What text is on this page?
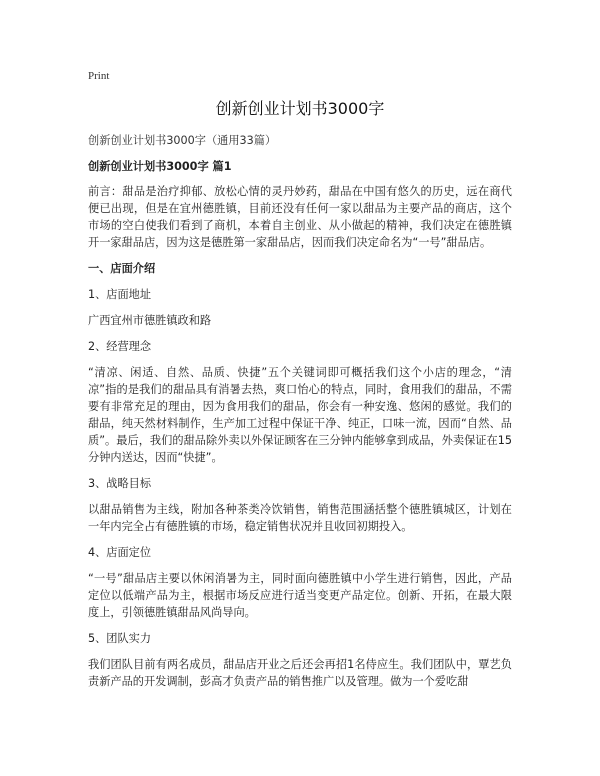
Print
创新创业计划书3000字

创新创业计划书3000字（通用33篇）

创新创业计划书3000字 篇1

前言：甜品是治疗抑郁、放松心情的灵丹妙药，甜品在中国有悠久的历史，远在商代便已出现，但是在宜州德胜镇，目前还没有任何一家以甜品为主要产品的商店，这个市场的空白使我们看到了商机，本着自主创业、从小做起的精神，我们决定在德胜镇开一家甜品店，因为这是德胜第一家甜品店，因而我们决定命名为“一号”甜品店。

一、店面介绍

1、店面地址

广西宜州市德胜镇政和路

2、经营理念

“清凉、闲适、自然、品质、快捷”五个关键词即可概括我们这个小店的理念，“清凉”指的是我们的甜品具有消暑去热，爽口怡心的特点，同时，食用我们的甜品，不需要有非常充足的理由，因为食用我们的甜品，你会有一种安逸、悠闲的感觉。我们的甜品，纯天然材料制作，生产加工过程中保证干净、纯正，口味一流，因而“自然、品质”。最后，我们的甜品除外卖以外保证顾客在三分钟内能够拿到成品，外卖保证在15分钟内送达，因而“快捷”。

3、战略目标

以甜品销售为主线，附加各种茶类冷饮销售，销售范围涵括整个德胜镇城区，计划在一年内完全占有德胜镇的市场，稳定销售状况并且收回初期投入。

4、店面定位

“一号”甜品店主要以休闲消暑为主，同时面向德胜镇中小学生进行销售，因此，产品定位以低端产品为主，根据市场反应进行适当变更产品定位。创新、开拓，在最大限度上，引领德胜镇甜品风尚导向。

5、团队实力

我们团队目前有两名成员，甜品店开业之后还会再招1名侍应生。我们团队中，覃艺负责新产品的开发调制，彭高才负责产品的销售推广以及管理。做为一个爱吃甜
